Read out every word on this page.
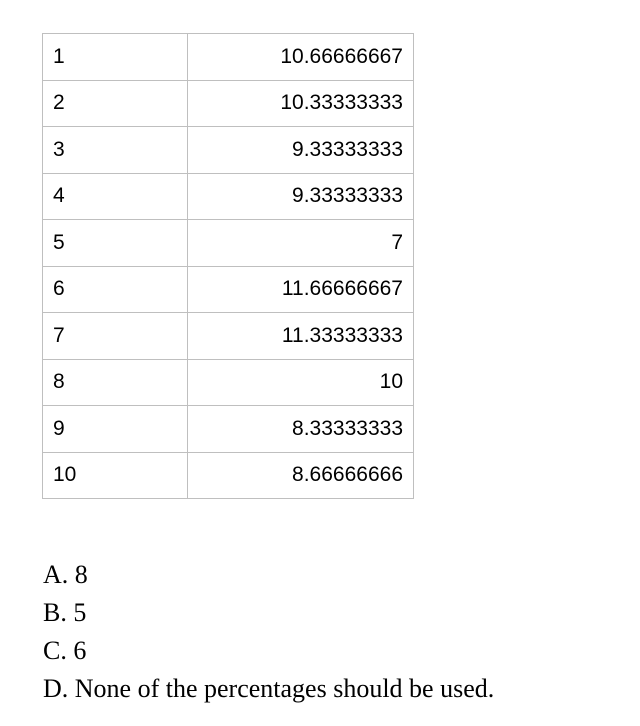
1	10.66666667
2	10.33333333
3	9.33333333
4	9.33333333
5	7
6	11.66666667
7	11.33333333
8	10
9	8.33333333
10	8.66666666
A. 8
B. 5
C. 6
D. None of the percentages should be used.
